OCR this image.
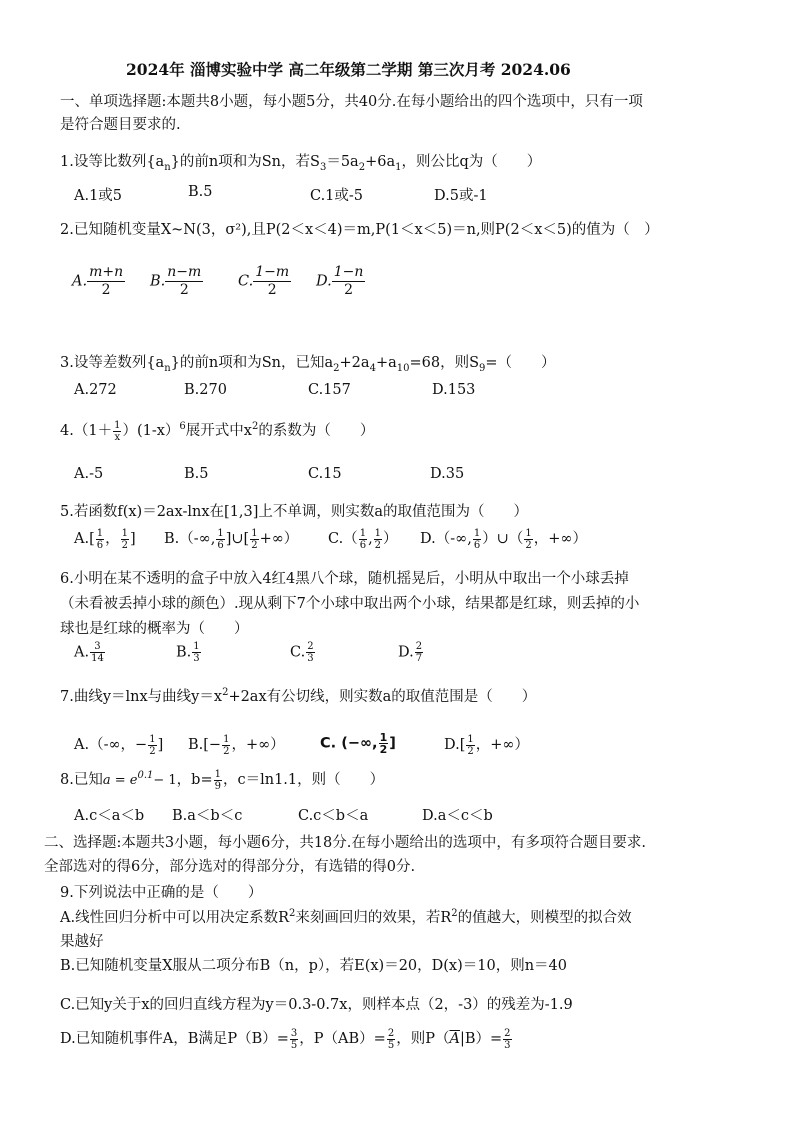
2024年 淄博实验中学 高二年级第二学期 第三次月考 2024.06
一、单项选择题:本题共8小题，每小题5分，共40分.在每小题给出的四个选项中，只有一项
是符合题目要求的.
1.设等比数列$\{a_n\}$的前n项和为Sn，若$S_3=5a_2+6a_1$，则公比q为（　　）
A.1或5	B.5	C.1或-5	D.5或-1
2.已知随机变量X~N(3，σ²),且P(2＜x＜4)＝m,P(1＜x＜5)＝n,则P(2＜x＜5)的值为（　）
A. $\frac{m+n}{2} B$. $\frac{n-m}{2} C$. $\frac{1-m}{2} D$. $\frac{1-n}{2}$
3.设等差数列$\{a_n\}$的前n项和为Sn，已知$a_2+2a_4+a_{10}=68$，则$S_9=$（　　）
A.272	B.270	C.157	D.153
$4.(1+ \frac{1}{x} )(1-x)^6$展开式中$x^2$的系数为（　　）
A.-5	B.5	C.15	D.35
5.若函数f(x)＝2ax-lnx在[1,3]上不单调，则实数a的取值范围为（　　）
$A.[ \frac{1}{6}$ ， $\frac{1}{2}$ ] B.（-∞, $\frac{1}{6}$ ]∪[ $\frac{1}{2}$ +∞） $C.( \frac{1}{6}$ , $\frac{1}{2}$ ） D.（-∞, $\frac{1}{6}$ ）∪（ $\frac{1}{2}$ ，+∞）
6.小明在某不透明的盒子中放入4红4黑八个球，随机摇晃后，小明从中取出一个小球丢掉
（未看被丢掉小球的颜色）.现从剩下7个小球中取出两个小球，结果都是红球，则丢掉的小
球也是红球的概率为（　　）
A. $\frac{3}{14}$	B. $\frac{1}{3}$	C. $\frac{2}{3}$	D. $\frac{2}{7}$
7.曲线y＝lnx与曲线$y=x^2+2ax$有公切线，则实数a的取值范围是（　　）
A.（-∞，− $\frac{1}{2}$ ] $B.[- \frac{1}{2}$ ，+∞） C. (−∞, $\frac{1}{2}$ ]	$D.[ \frac{1}{2}$ ，+∞）
8.已知$a = e^{0.1}- 1$，$b= \frac{1}{9}$ ，c＝ln1.1，则（　　）
A.c＜a＜b B.a＜b＜c	C.c＜b＜a	D.a＜c＜b
二、选择题:本题共3小题，每小题6分，共18分.在每小题给出的选项中，有多项符合题目要求.
全部选对的得6分，部分选对的得部分分，有选错的得0分.
9.下列说法中正确的是（　　）
A.线性回归分析中可以用决定系数$R^2$来刻画回归的效果，若$R^2$的值越大，则模型的拟合效
果越好
B.已知随机变量X服从二项分布B（n，p），若E(x)＝20，D(x)＝10，则n＝40
C.已知y关于x的回归直线方程为y＝0.3-0.7x，则样本点（2，-3）的残差为-1.9
D.已知随机事件A，B满足$P(B)= \frac{3}{5}$ ，$P(AB)= \frac{2}{5}$ ，则$P(\overline{A}|B)= \frac{2}{3}$
